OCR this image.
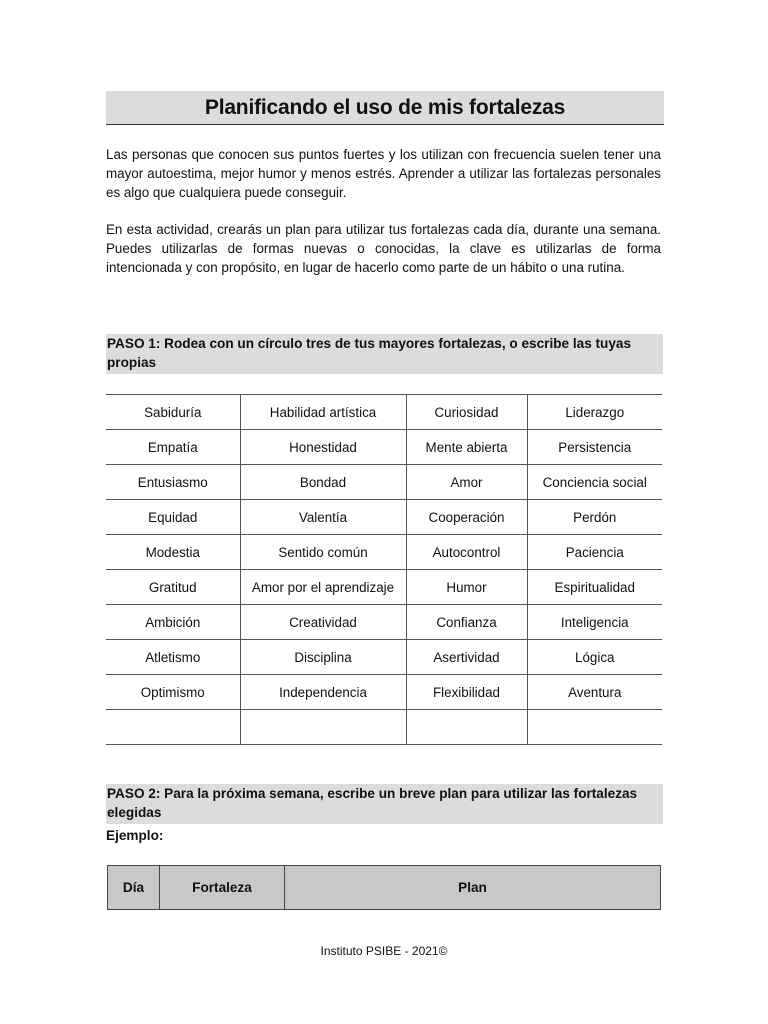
Planificando el uso de mis fortalezas

Las personas que conocen sus puntos fuertes y los utilizan con frecuencia suelen tener una mayor autoestima, mejor humor y menos estrés. Aprender a utilizar las fortalezas personales es algo que cualquiera puede conseguir.

En esta actividad, crearás un plan para utilizar tus fortalezas cada día, durante una semana. Puedes utilizarlas de formas nuevas o conocidas, la clave es utilizarlas de forma intencionada y con propósito, en lugar de hacerlo como parte de un hábito o una rutina.

PASO 1: Rodea con un círculo tres de tus mayores fortalezas, o escribe las tuyas propias
Sabiduría	Habilidad artística	Curiosidad	Liderazgo
Empatía	Honestidad	Mente abierta	Persistencia
Entusiasmo	Bondad	Amor	Conciencia social
Equidad	Valentía	Cooperación	Perdón
Modestia	Sentido común	Autocontrol	Paciencia
Gratitud	Amor por el aprendizaje	Humor	Espiritualidad
Ambición	Creatividad	Confianza	Inteligencia
Atletismo	Disciplina	Asertividad	Lógica
Optimismo	Independencia	Flexibilidad	Aventura

PASO 2: Para la próxima semana, escribe un breve plan para utilizar las fortalezas elegidas
Ejemplo:
Día	Fortaleza	Plan
Instituto PSIBE - 2021©
